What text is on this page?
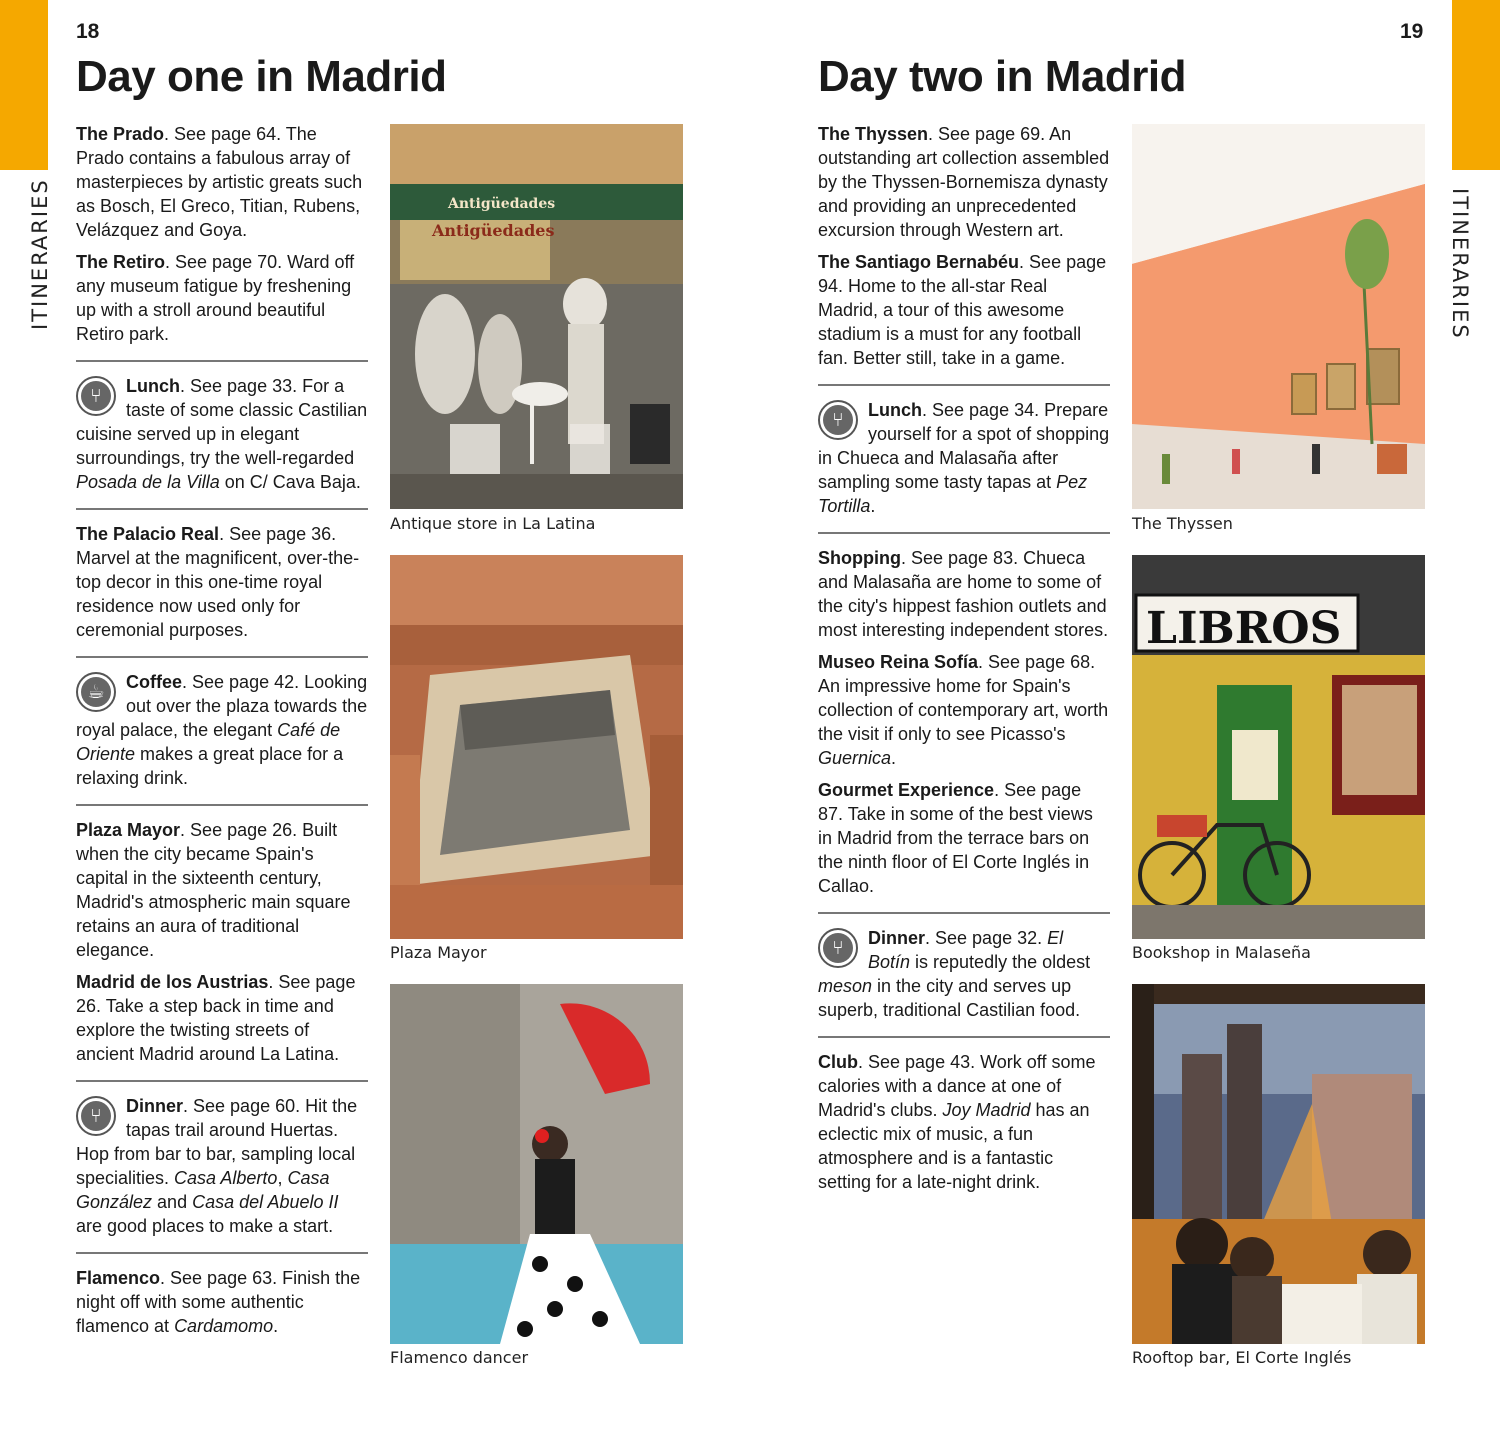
ITINERARIES	ITINERARIES
18
Day one in Madrid
19
Day two in Madrid
The Prado. See page 64. The Prado contains a fabulous array of masterpieces by artistic greats such as Bosch, El Greco, Titian, Rubens, Velázquez and Goya.
The Retiro. See page 70. Ward off any museum fatigue by freshening up with a stroll around beautiful Retiro park.
⑂	Lunch. See page 33. For a taste of some classic Castilian cuisine served up in elegant surroundings, try the well-regarded Posada de la Villa on C/ Cava Baja.
The Palacio Real. See page 36. Marvel at the magnificent, over-the-top decor in this one-time royal residence now used only for ceremonial purposes.
☕	Coffee. See page 42. Looking out over the plaza towards the royal palace, the elegant Café de Oriente makes a great place for a relaxing drink.
Plaza Mayor. See page 26. Built when the city became Spain's capital in the sixteenth century, Madrid's atmospheric main square retains an aura of traditional elegance.
Madrid de los Austrias. See page 26. Take a step back in time and explore the twisting streets of ancient Madrid around La Latina.
⑂	Dinner. See page 60. Hit the tapas trail around Huertas. Hop from bar to bar, sampling local specialities. Casa Alberto, Casa González and Casa del Abuelo II are good places to make a start.
Flamenco. See page 63. Finish the night off with some authentic flamenco at Cardamomo.
Antigüedades
Antigüedades
Antique store in La Latina
Plaza Mayor
Flamenco dancer
The Thyssen. See page 69. An outstanding art collection assembled by the Thyssen-Bornemisza dynasty and providing an unprecedented excursion through Western art.
The Santiago Bernabéu. See page 94. Home to the all-star Real Madrid, a tour of this awesome stadium is a must for any football fan. Better still, take in a game.
⑂	Lunch. See page 34. Prepare yourself for a spot of shopping in Chueca and Malasaña after sampling some tasty tapas at Pez Tortilla.
Shopping. See page 83. Chueca and Malasaña are home to some of the city's hippest fashion outlets and most interesting independent stores.
Museo Reina Sofía. See page 68. An impressive home for Spain's collection of contemporary art, worth the visit if only to see Picasso's Guernica.
Gourmet Experience. See page 87. Take in some of the best views in Madrid from the terrace bars on the ninth floor of El Corte Inglés in Callao.
⑂	Dinner. See page 32. El Botín is reputedly the oldest meson in the city and serves up superb, traditional Castilian food.
Club. See page 43. Work off some calories with a dance at one of Madrid's clubs. Joy Madrid has an eclectic mix of music, a fun atmosphere and is a fantastic setting for a late-night drink.
The Thyssen
LIBROS
Bookshop in Malaseña
Rooftop bar, El Corte Inglés
